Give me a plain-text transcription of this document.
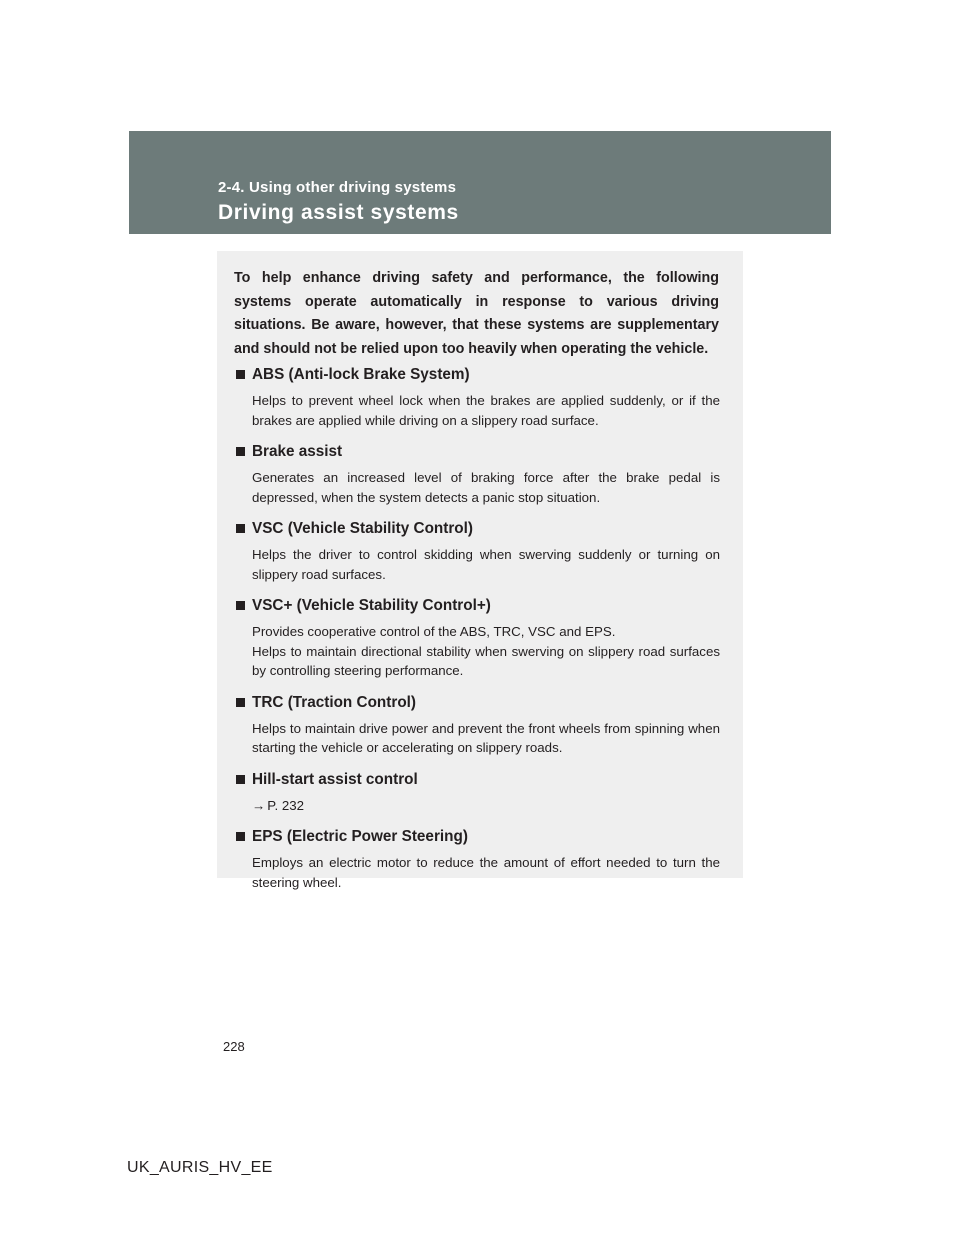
2-4. Using other driving systems
Driving assist systems

To help enhance driving safety and performance, the following systems operate automatically in response to various driving situations. Be aware, however, that these systems are supplementary and should not be relied upon too heavily when operating the vehicle.

ABS (Anti-lock Brake System)

Helps to prevent wheel lock when the brakes are applied suddenly, or if the brakes are applied while driving on a slippery road surface.

Brake assist

Generates an increased level of braking force after the brake pedal is depressed, when the system detects a panic stop situation.

VSC (Vehicle Stability Control)

Helps the driver to control skidding when swerving suddenly or turning on slippery road surfaces.

VSC+ (Vehicle Stability Control+)

Provides cooperative control of the ABS, TRC, VSC and EPS.

Helps to maintain directional stability when swerving on slippery road surfaces by controlling steering performance.

TRC (Traction Control)

Helps to maintain drive power and prevent the front wheels from spinning when starting the vehicle or accelerating on slippery roads.

Hill-start assist control

→ P. 232

EPS (Electric Power Steering)

Employs an electric motor to reduce the amount of effort needed to turn the steering wheel.

228
UK_AURIS_HV_EE
